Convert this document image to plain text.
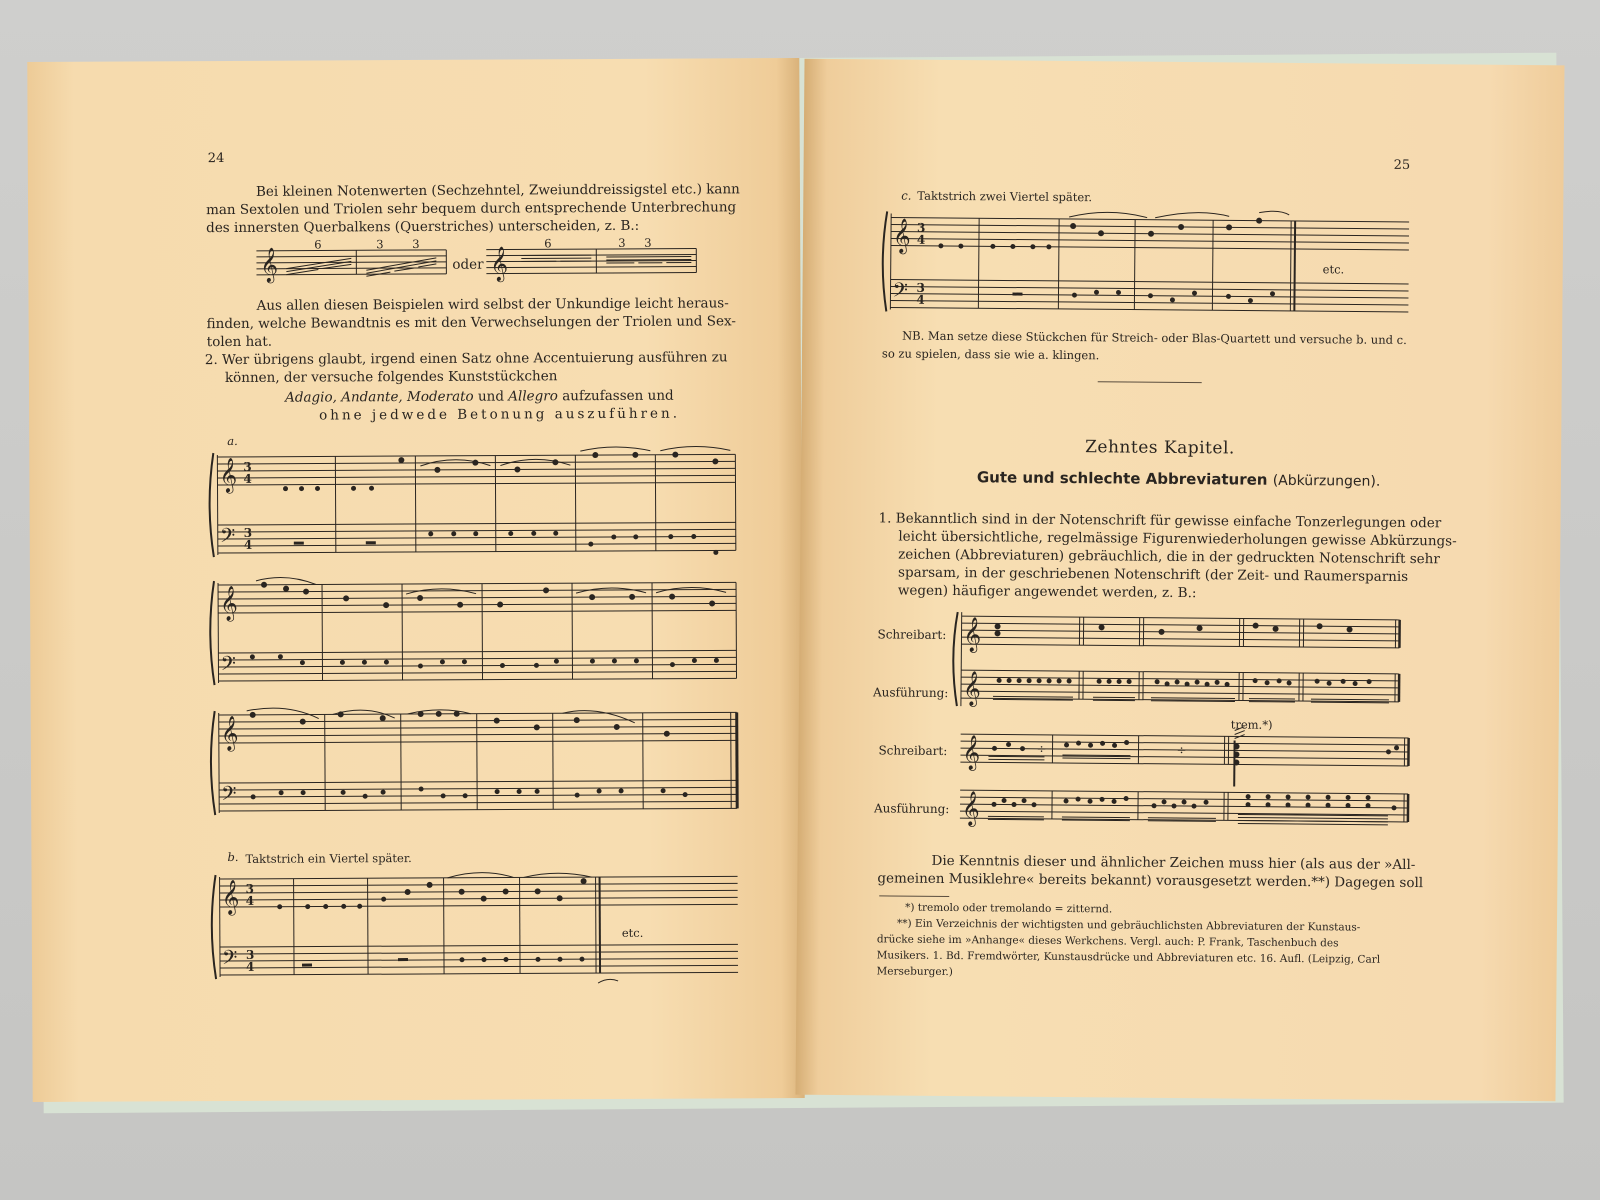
24
Bei kleinen Notenwerten (Sechzehntel, Zweiunddreissigstel etc.) kann
man Sextolen und Triolen sehr bequem durch entsprechende Unterbrechung
des innersten Querbalkens (Querstriches) unterscheiden, z. B.:
𝄞	𝄞
6	3 3	6	3 3
oder
Aus allen diesen Beispielen wird selbst der Unkundige leicht heraus-
finden, welche Bewandtnis es mit den Verwechselungen der Triolen und Sex-
tolen hat.
2. Wer übrigens glaubt, irgend einen Satz ohne Accentuierung ausführen zu
können, der versuche folgendes Kunststückchen
Adagio, Andante, Moderato und Allegro aufzufassen und
ohne jedwede Betonung auszuführen.
a.
𝄞
𝄢
3
4
3
4
𝄞
𝄢
𝄞
𝄢
b. Taktstrich ein Viertel später.
𝄞
𝄢
3
4
3
4
etc.
25
c. Taktstrich zwei Viertel später.
𝄞
𝄢
3
4
3
4
etc.
NB. Man setze diese Stückchen für Streich- oder Blas-Quartett und versuche b. und c.
so zu spielen, dass sie wie a. klingen.
Zehntes Kapitel.
Gute und schlechte Abbreviaturen (Abkürzungen).
1. Bekanntlich sind in der Notenschrift für gewisse einfache Tonzerlegungen oder
leicht übersichtliche, regelmässige Figurenwiederholungen gewisse Abkürzungs-
zeichen (Abbreviaturen) gebräuchlich, die in der gedruckten Notenschrift sehr
sparsam, in der geschriebenen Notenschrift (der Zeit- und Raumersparnis
wegen) häufiger angewendet werden, z. B.:
Schreibart:
Ausführung:
𝄞
𝄞
trem.*)
Schreibart:
Ausführung:
𝄞
𝄞
÷	÷
Die Kenntnis dieser und ähnlicher Zeichen muss hier (als aus der »All-
gemeinen Musiklehre« bereits bekannt) vorausgesetzt werden.**) Dagegen soll
*) tremolo oder tremolando = zitternd.
**) Ein Verzeichnis der wichtigsten und gebräuchlichsten Abbreviaturen der Kunstaus-
drücke siehe im »Anhange« dieses Werkchens. Vergl. auch: P. Frank, Taschenbuch des
Musikers. 1. Bd. Fremdwörter, Kunstausdrücke und Abbreviaturen etc. 16. Aufl. (Leipzig, Carl
Merseburger.)
